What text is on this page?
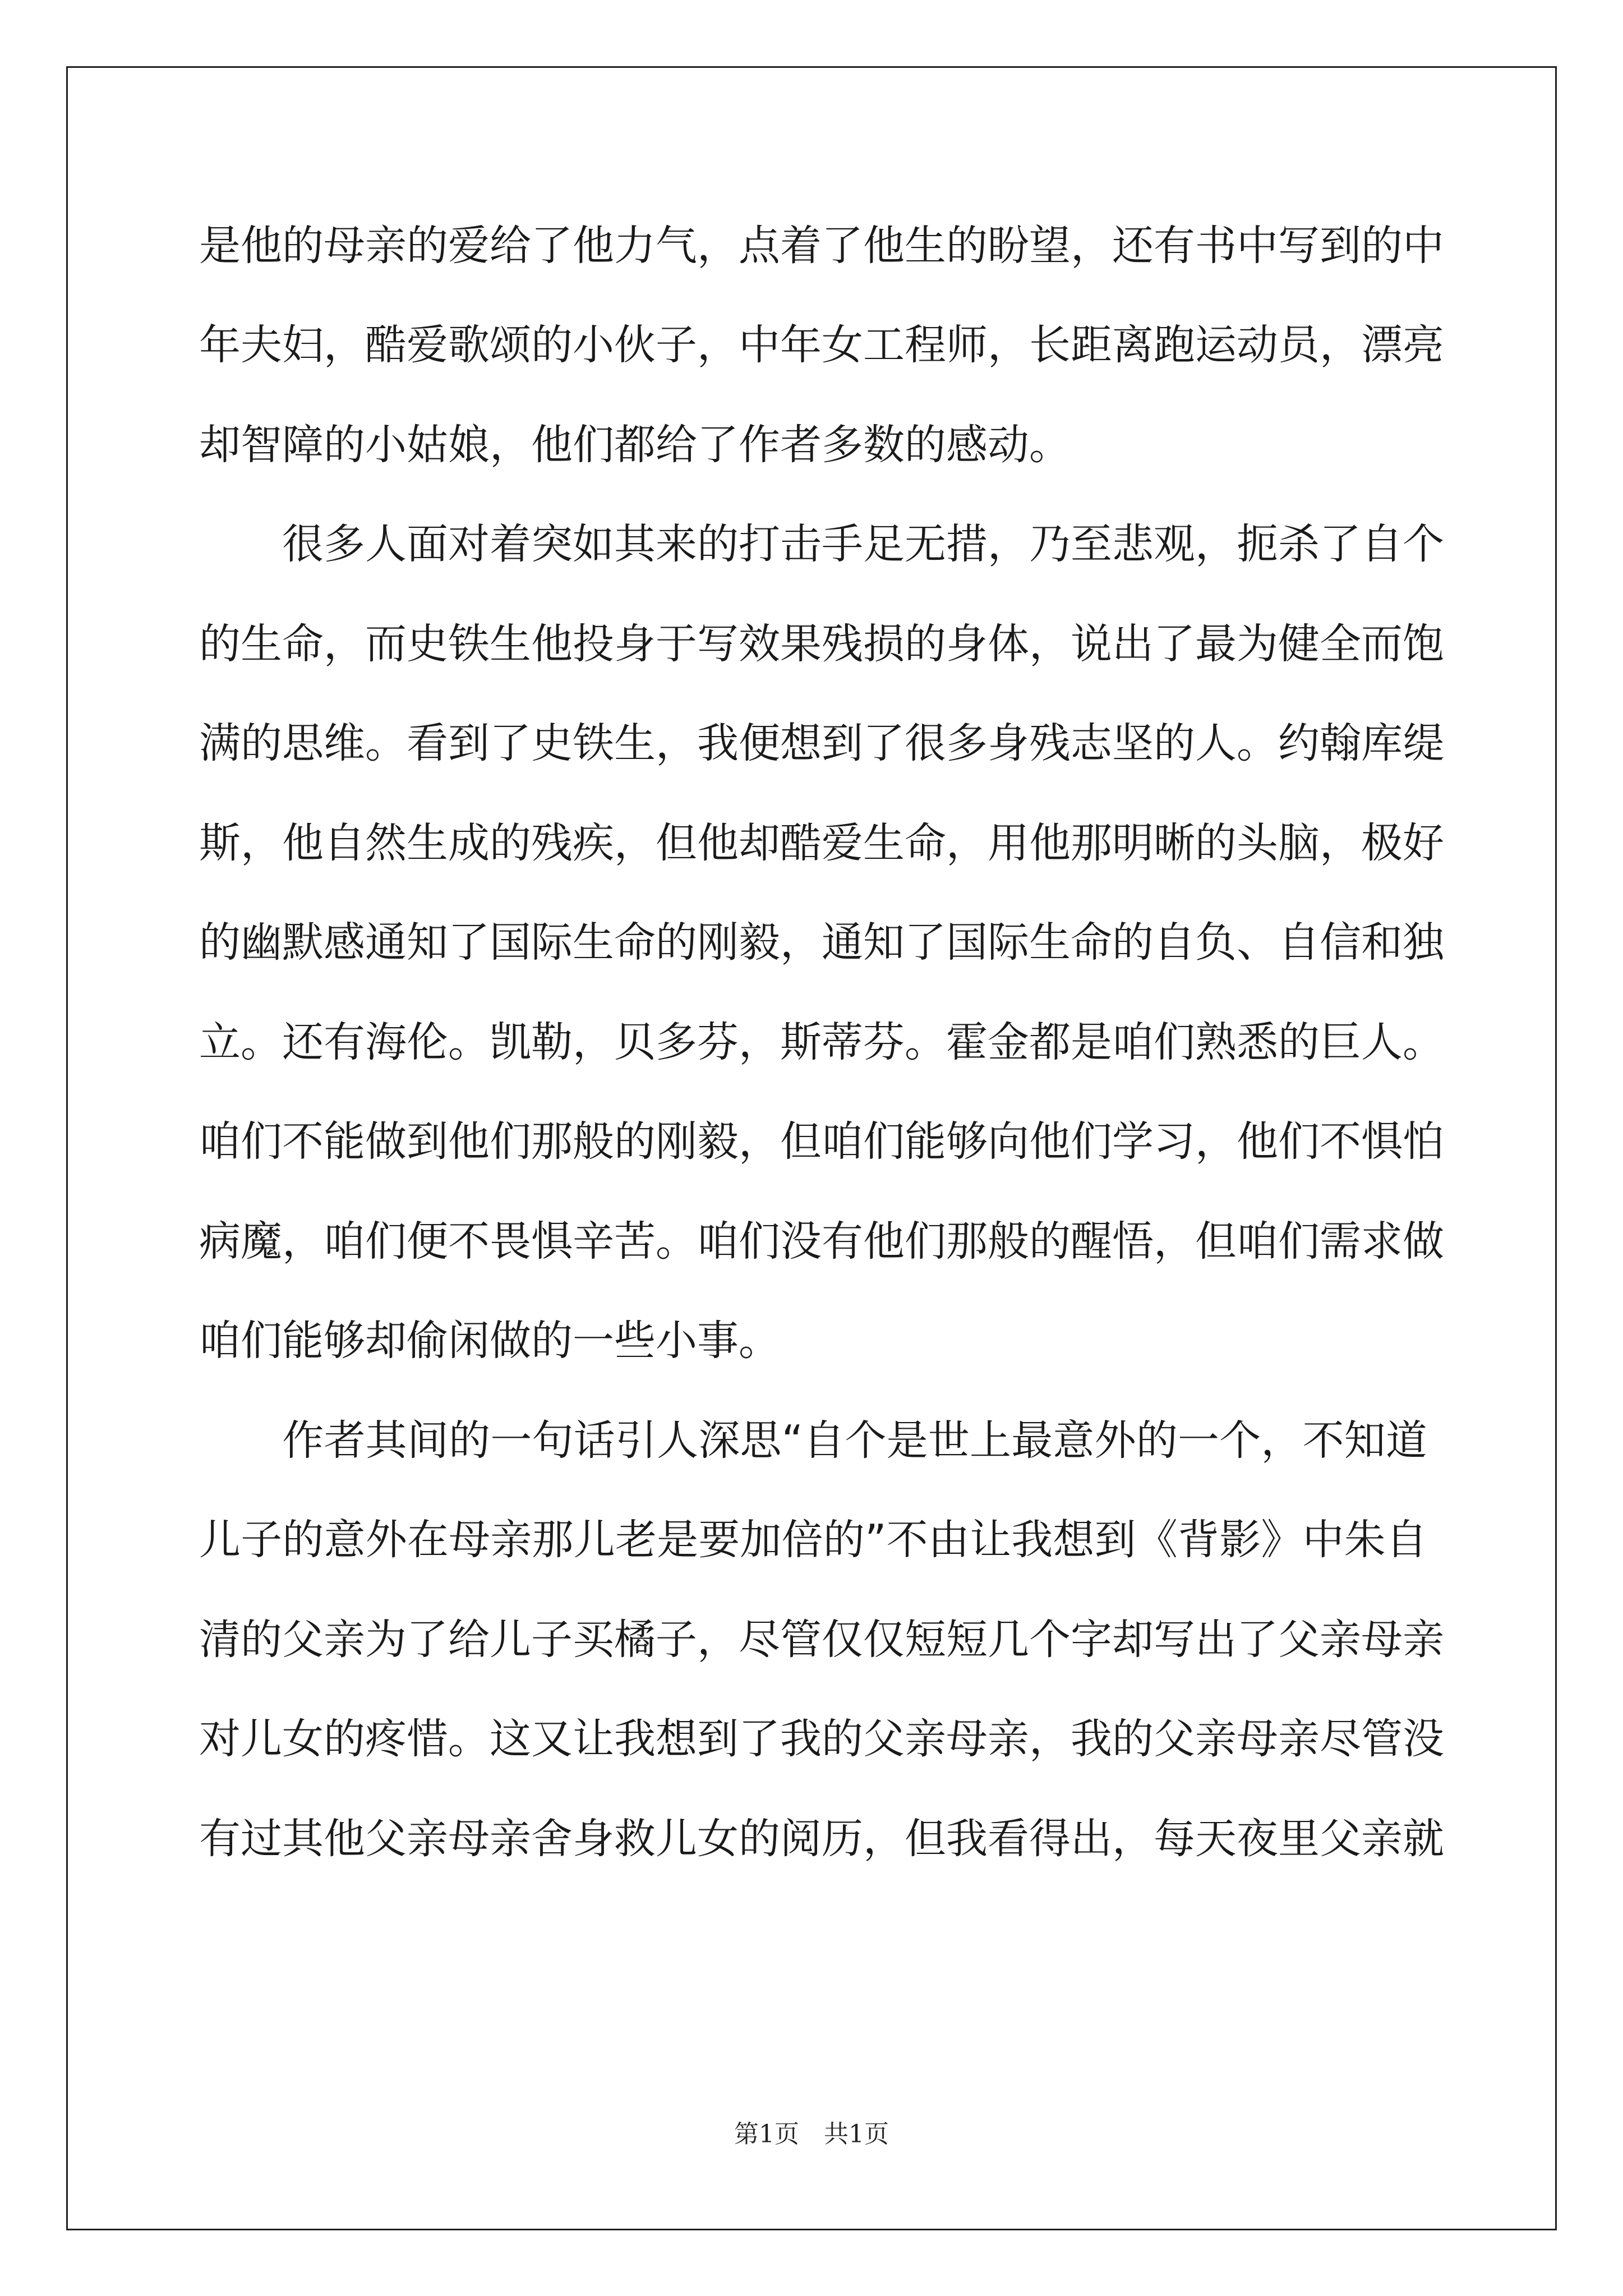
是他的母亲的爱给了他力气，点着了他生的盼望，还有书中写到的中
年夫妇，酷爱歌颂的小伙子，中年女工程师，长距离跑运动员，漂亮
却智障的小姑娘，他们都给了作者多数的感动。
　　很多人面对着突如其来的打击手足无措，乃至悲观，扼杀了自个
的生命，而史铁生他投身于写效果残损的身体，说出了最为健全而饱
满的思维。看到了史铁生，我便想到了很多身残志坚的人。约翰库缇
斯，他自然生成的残疾，但他却酷爱生命，用他那明晰的头脑，极好
的幽默感通知了国际生命的刚毅，通知了国际生命的自负、自信和独
立。还有海伦。凯勒，贝多芬，斯蒂芬。霍金都是咱们熟悉的巨人。
咱们不能做到他们那般的刚毅，但咱们能够向他们学习，他们不惧怕
病魔，咱们便不畏惧辛苦。咱们没有他们那般的醒悟，但咱们需求做
咱们能够却偷闲做的一些小事。
　　作者其间的一句话引人深思“自个是世上最意外的一个，不知道
儿子的意外在母亲那儿老是要加倍的”不由让我想到《背影》中朱自
清的父亲为了给儿子买橘子，尽管仅仅短短几个字却写出了父亲母亲
对儿女的疼惜。这又让我想到了我的父亲母亲，我的父亲母亲尽管没
有过其他父亲母亲舍身救儿女的阅历，但我看得出，每天夜里父亲就
第1页　共1页
